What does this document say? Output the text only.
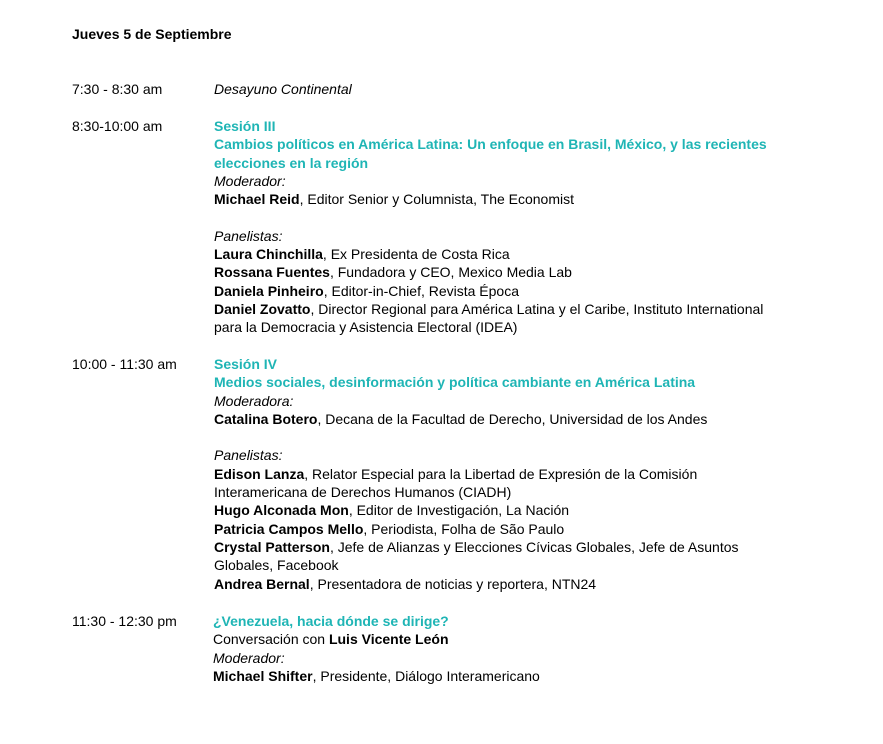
Jueves 5 de Septiembre
7:30 - 8:30 am	Desayuno Continental
8:30-10:00 am	Sesión III
Cambios políticos en América Latina: Un enfoque en Brasil, México, y las recientes
elecciones en la región
Moderador:
Michael Reid, Editor Senior y Columnista, The Economist
Panelistas:
Laura Chinchilla, Ex Presidenta de Costa Rica
Rossana Fuentes, Fundadora y CEO, Mexico Media Lab
Daniela Pinheiro, Editor-in-Chief, Revista Época
Daniel Zovatto, Director Regional para América Latina y el Caribe, Instituto International
para la Democracia y Asistencia Electoral (IDEA)
10:00 - 11:30 am	Sesión IV
Medios sociales, desinformación y política cambiante en América Latina
Moderadora:
Catalina Botero, Decana de la Facultad de Derecho, Universidad de los Andes
Panelistas:
Edison Lanza, Relator Especial para la Libertad de Expresión de la Comisión
Interamericana de Derechos Humanos (CIADH)
Hugo Alconada Mon, Editor de Investigación, La Nación
Patricia Campos Mello, Periodista, Folha de São Paulo
Crystal Patterson, Jefe de Alianzas y Elecciones Cívicas Globales, Jefe de Asuntos
Globales, Facebook
Andrea Bernal, Presentadora de noticias y reportera, NTN24
11:30 - 12:30 pm	¿Venezuela, hacia dónde se dirige?
Conversación con Luis Vicente León
Moderador:
Michael Shifter, Presidente, Diálogo Interamericano
